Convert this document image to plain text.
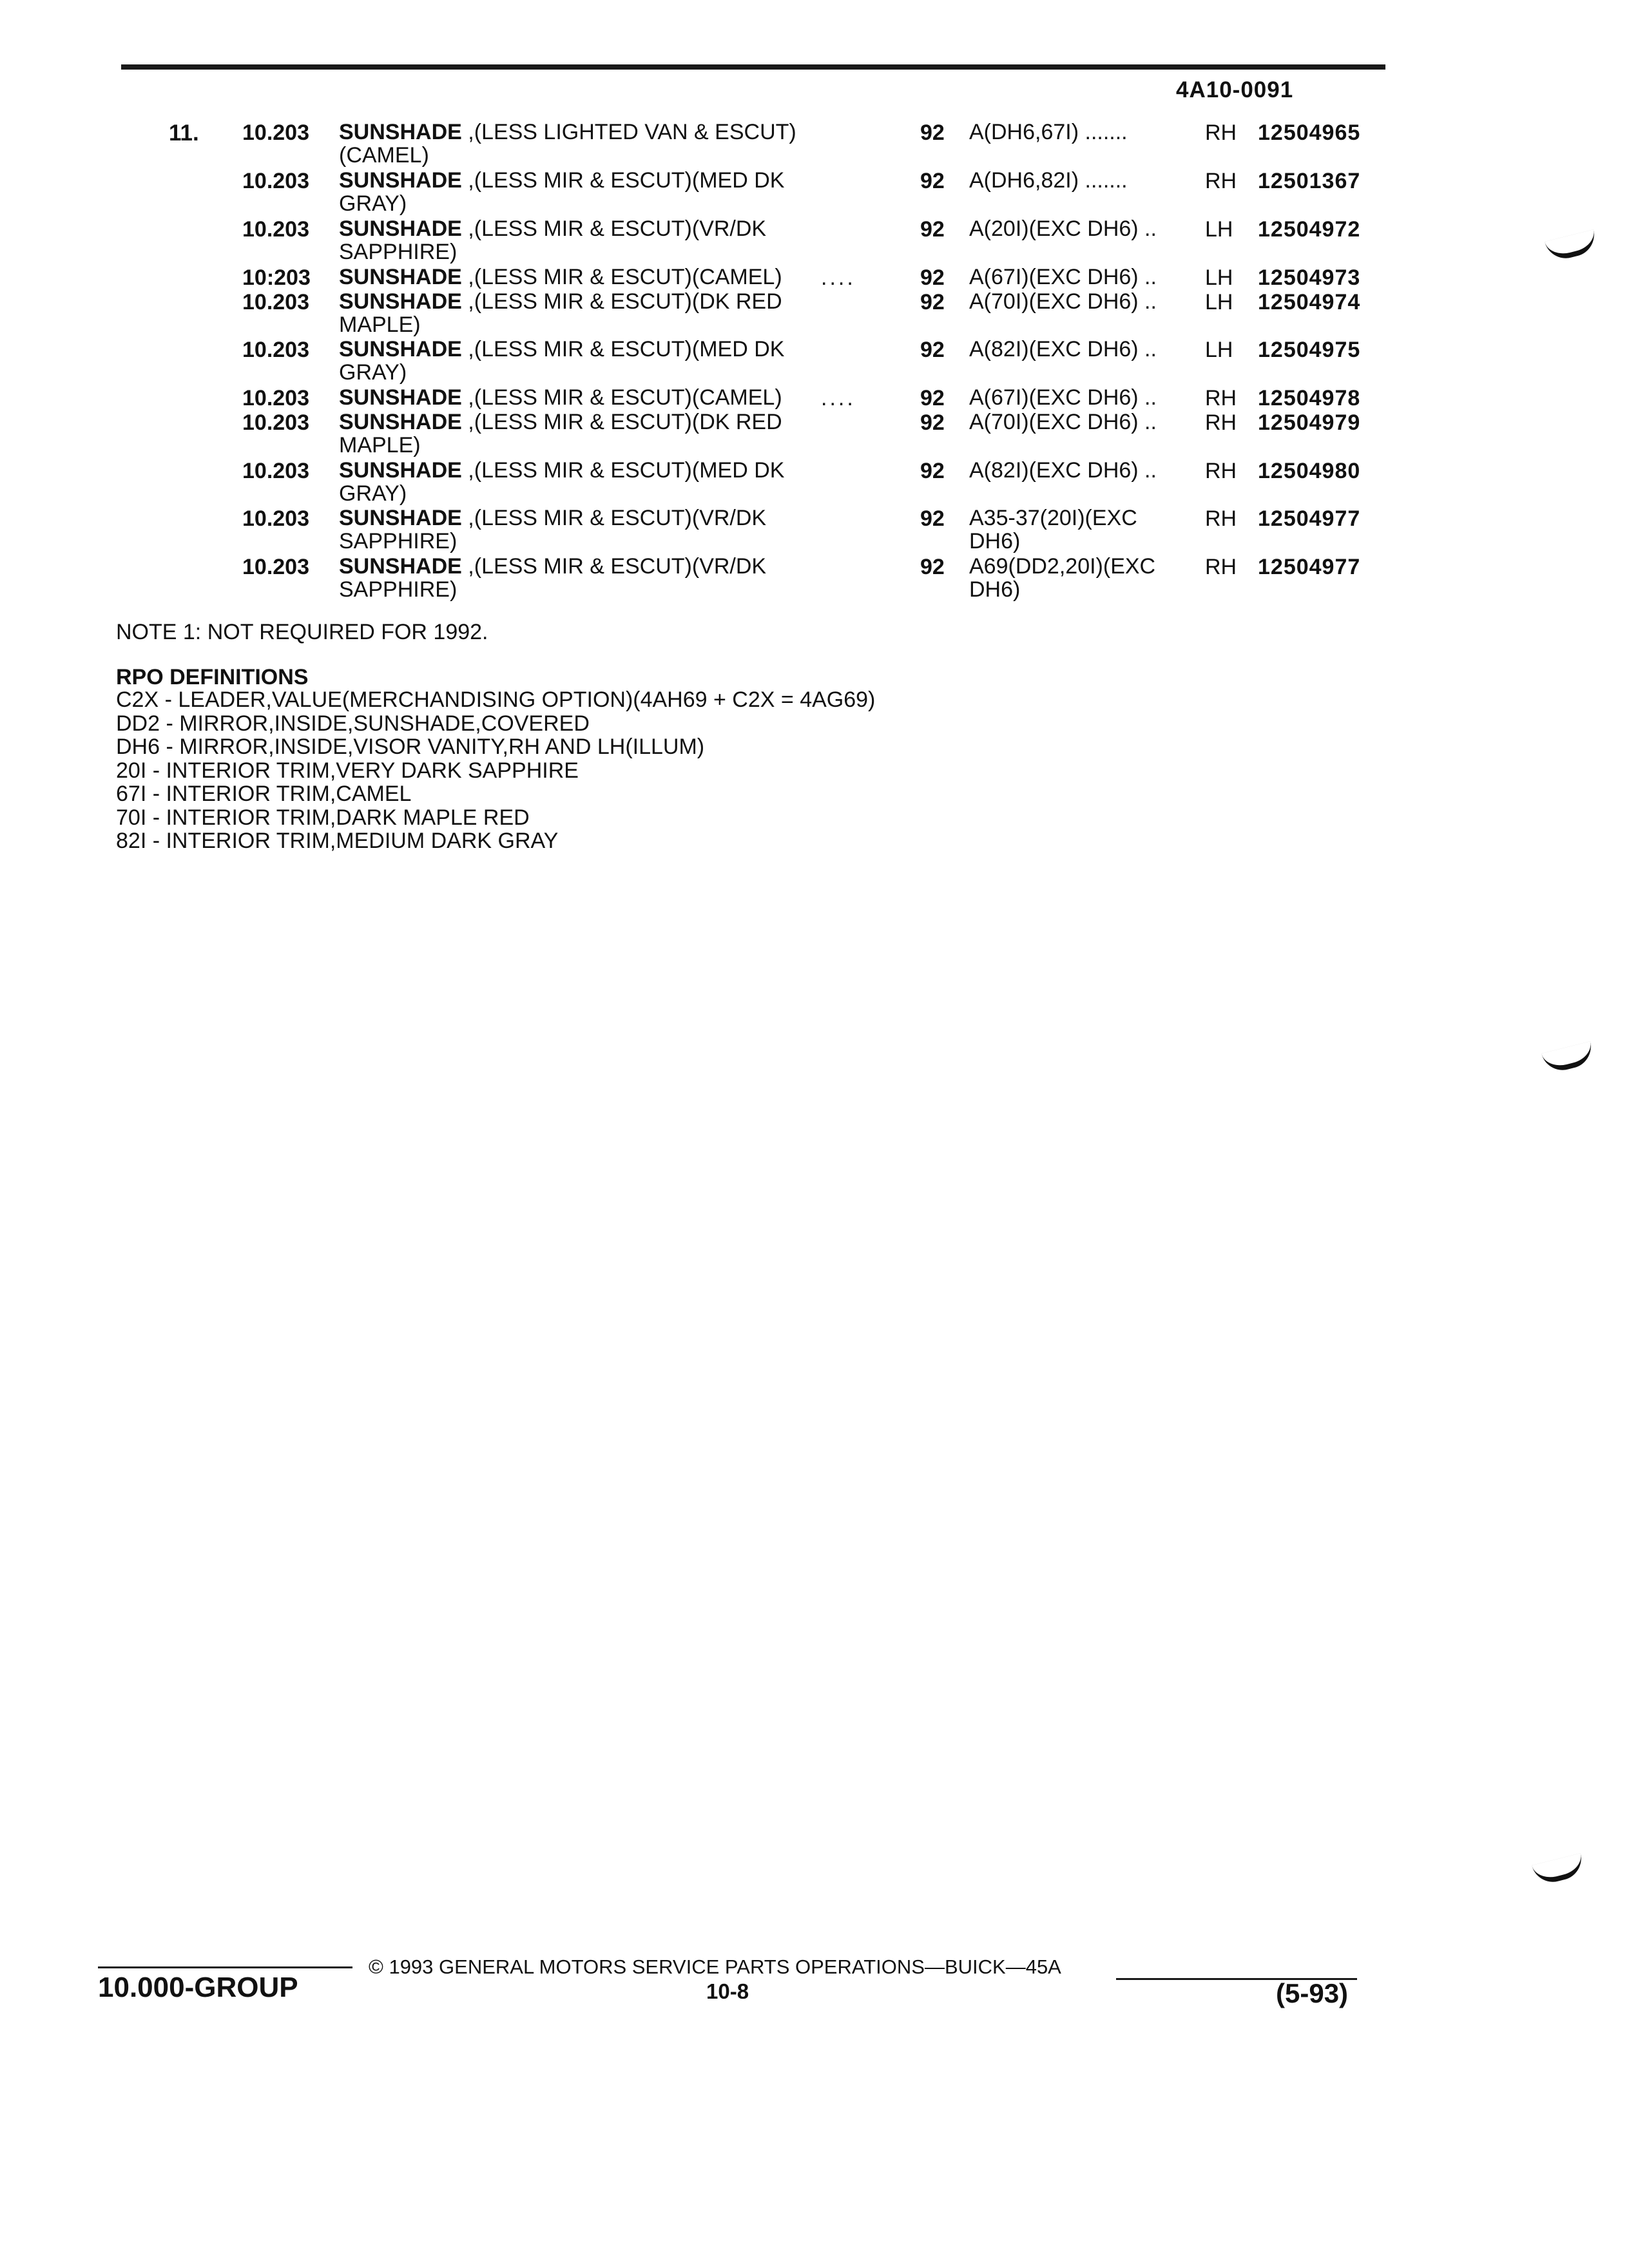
4A10-0091
11. 10.203 SUNSHADE ,(LESS LIGHTED VAN & ESCUT)
(CAMEL)
92 A(DH6,67I) .......	RH 12504965
10.203 SUNSHADE ,(LESS MIR & ESCUT)(MED DK
GRAY)
92 A(DH6,82I) .......	RH 12501367
10.203 SUNSHADE ,(LESS MIR & ESCUT)(VR/DK
SAPPHIRE)
92 A(20I)(EXC DH6) ..	LH 12504972
10:203 SUNSHADE ,(LESS MIR & ESCUT)(CAMEL)	....	92 A(67I)(EXC DH6) ..	LH 12504973
10.203 SUNSHADE ,(LESS MIR & ESCUT)(DK RED
MAPLE)
92 A(70I)(EXC DH6) ..	LH 12504974
10.203 SUNSHADE ,(LESS MIR & ESCUT)(MED DK
GRAY)
92 A(82I)(EXC DH6) ..	LH 12504975
10.203 SUNSHADE ,(LESS MIR & ESCUT)(CAMEL)	....	92 A(67I)(EXC DH6) ..	RH 12504978
10.203 SUNSHADE ,(LESS MIR & ESCUT)(DK RED
MAPLE)
92 A(70I)(EXC DH6) ..	RH 12504979
10.203 SUNSHADE ,(LESS MIR & ESCUT)(MED DK
GRAY)
92 A(82I)(EXC DH6) ..	RH 12504980
10.203 SUNSHADE ,(LESS MIR & ESCUT)(VR/DK
SAPPHIRE)
92 A35-37(20I)(EXC
DH6)
RH 12504977
10.203 SUNSHADE ,(LESS MIR & ESCUT)(VR/DK
SAPPHIRE)
92 A69(DD2,20I)(EXC
DH6)
RH 12504977
NOTE 1: NOT REQUIRED FOR 1992.
RPO DEFINITIONS
C2X - LEADER,VALUE(MERCHANDISING OPTION)(4AH69 + C2X = 4AG69)
DD2 - MIRROR,INSIDE,SUNSHADE,COVERED
DH6 - MIRROR,INSIDE,VISOR VANITY,RH AND LH(ILLUM)
20I - INTERIOR TRIM,VERY DARK SAPPHIRE
67I - INTERIOR TRIM,CAMEL
70I - INTERIOR TRIM,DARK MAPLE RED
82I - INTERIOR TRIM,MEDIUM DARK GRAY
10.000-GROUP
© 1993 GENERAL MOTORS SERVICE PARTS OPERATIONS—BUICK—45A
10-8	(5-93)
